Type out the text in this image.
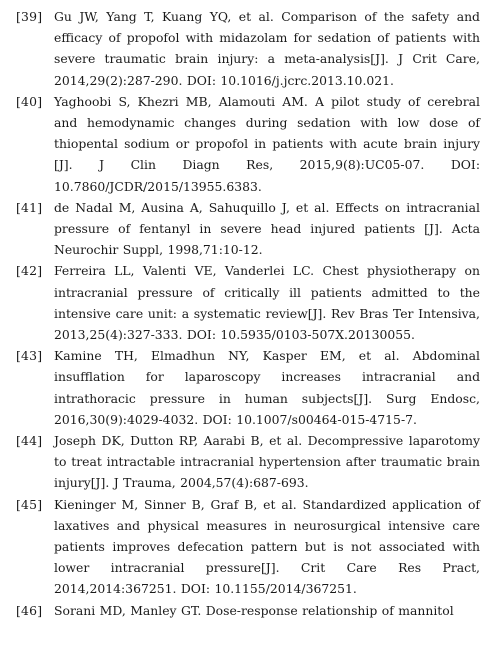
[39] Gu JW, Yang T, Kuang YQ, et al. Comparison of the safety and efficacy of propofol with midazolam for sedation of patients with severe traumatic brain injury: a meta-analysis[J]. J Crit Care, 2014,29(2):287-290. DOI: 10.1016/j.jcrc.2013.10.021.
[40] Yaghoobi S, Khezri MB, Alamouti AM. A pilot study of cerebral and hemodynamic changes during sedation with low dose of thiopental sodium or propofol in patients with acute brain injury [J]. J Clin Diagn Res, 2015,9(8):UC05-07. DOI: 10.7860/JCDR/2015/13955.6383.
[41] de Nadal M, Ausina A, Sahuquillo J, et al. Effects on intracranial pressure of fentanyl in severe head injured patients [J]. Acta Neurochir Suppl, 1998,71:10-12.
[42] Ferreira LL, Valenti VE, Vanderlei LC. Chest physiotherapy on intracranial pressure of critically ill patients admitted to the intensive care unit: a systematic review[J]. Rev Bras Ter Intensiva, 2013,25(4):327-333. DOI: 10.5935/0103-507X.20130055.
[43] Kamine TH, Elmadhun NY, Kasper EM, et al. Abdominal insufflation for laparoscopy increases intracranial and intrathoracic pressure in human subjects[J]. Surg Endosc, 2016,30(9):4029-4032. DOI: 10.1007/s00464-015-4715-7.
[44] Joseph DK, Dutton RP, Aarabi B, et al. Decompressive laparotomy to treat intractable intracranial hypertension after traumatic brain injury[J]. J Trauma, 2004,57(4):687-693.
[45] Kieninger M, Sinner B, Graf B, et al. Standardized application of laxatives and physical measures in neurosurgical intensive care patients improves defecation pattern but is not associated with lower intracranial pressure[J]. Crit Care Res Pract, 2014,2014:367251. DOI: 10.1155/2014/367251.
[46] Sorani MD, Manley GT. Dose-response relationship of mannitol
